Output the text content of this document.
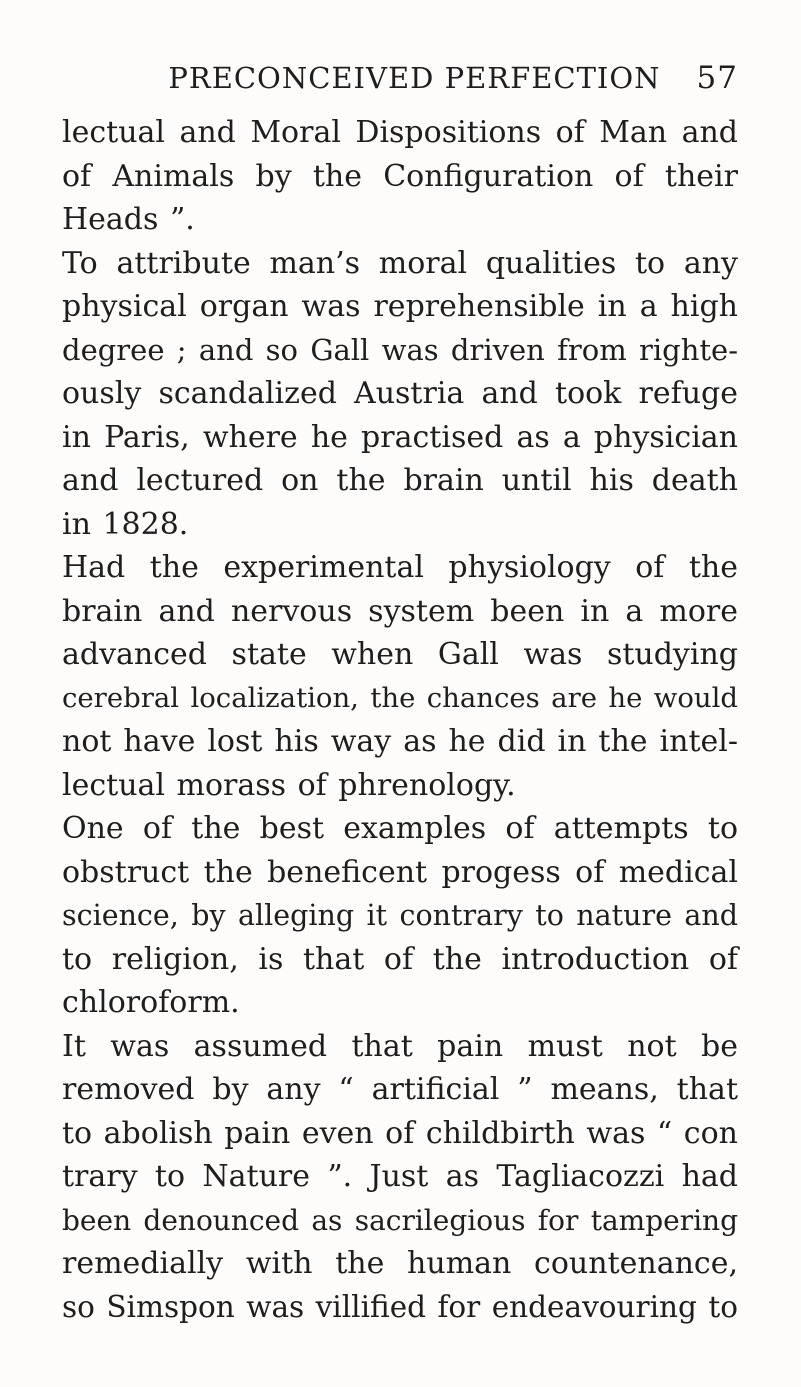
PRECONCEIVED PERFECTION 57

lectual and Moral Dispositions of Man and
of Animals by the Configuration of their
Heads ”.

To attribute man’s moral qualities to any
physical organ was reprehensible in a high
degree ; and so Gall was driven from righte-
ously scandalized Austria and took refuge
in Paris, where he practised as a physician
and lectured on the brain until his death
in 1828.

Had the experimental physiology of the
brain and nervous system been in a more
advanced state when Gall was studying
cerebral localization, the chances are he would
not have lost his way as he did in the intel-
lectual morass of phrenology.

One of the best examples of attempts to
obstruct the beneficent progess of medical
science, by alleging it contrary to nature and
to religion, is that of the introduction of
chloroform.

It was assumed that pain must not be
removed by any “ artificial ” means, that
to abolish pain even of childbirth was “ con
trary to Nature ”. Just as Tagliacozzi had
been denounced as sacrilegious for tampering
remedially with the human countenance,
so Simspon was villified for endeavouring to
